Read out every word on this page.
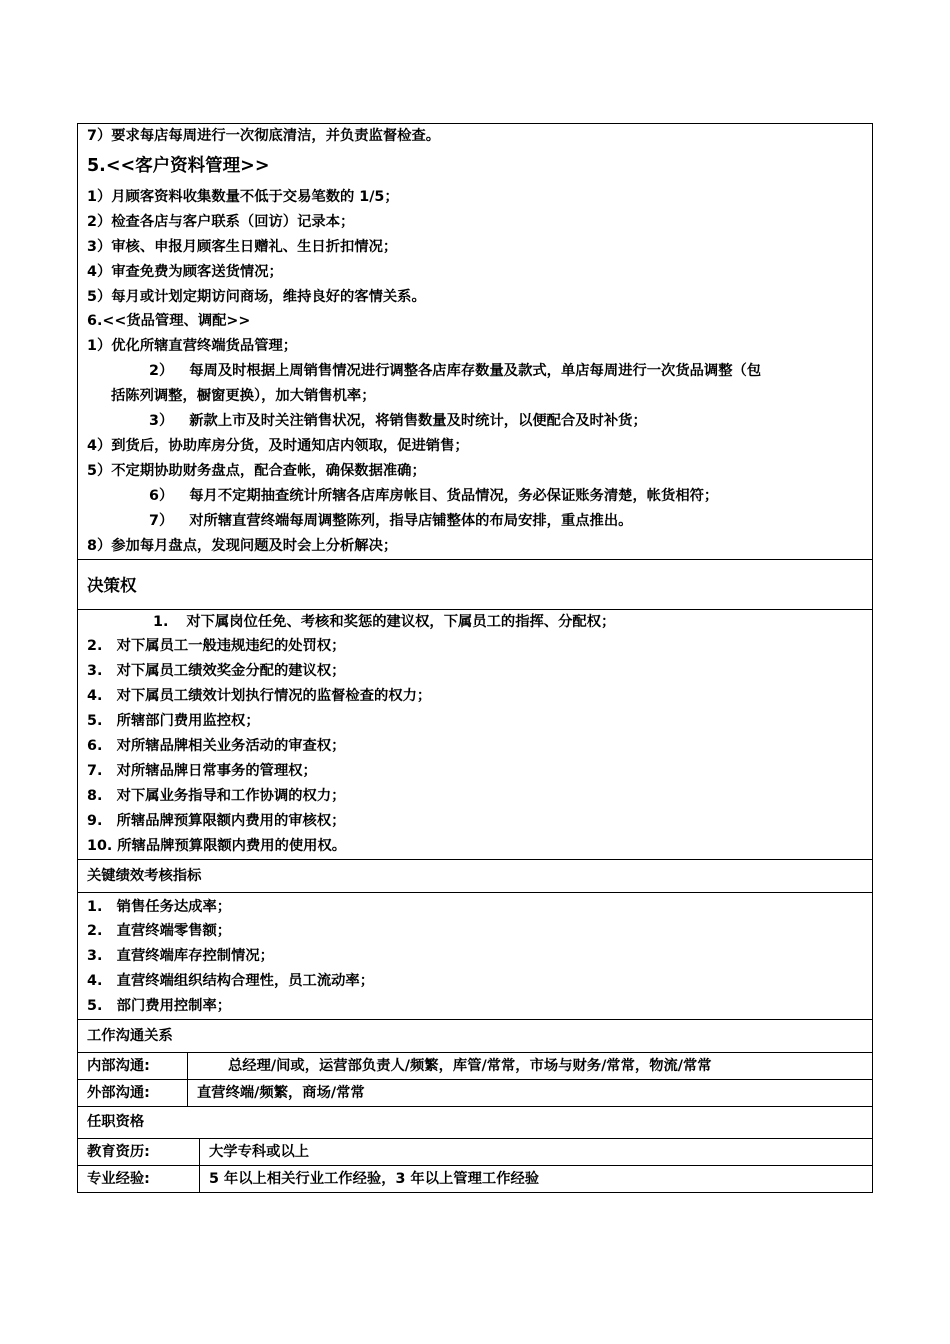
7）要求每店每周进行一次彻底清洁，并负责监督检查。
5.<<客户资料管理>>
1）月顾客资料收集数量不低于交易笔数的 1/5；
2）检查各店与客户联系（回访）记录本；
3）审核、申报月顾客生日赠礼、生日折扣情况；
4）审查免费为顾客送货情况；
5）每月或计划定期访问商场，维持良好的客情关系。
6.<<货品管理、调配>>
1）优化所辖直营终端货品管理；
2） 每周及时根据上周销售情况进行调整各店库存数量及款式，单店每周进行一次货品调整（包
括陈列调整，橱窗更换），加大销售机率；
3） 新款上市及时关注销售状况，将销售数量及时统计，以便配合及时补货；
4）到货后，协助库房分货，及时通知店内领取，促进销售；
5）不定期协助财务盘点，配合查帐，确保数据准确；
6） 每月不定期抽查统计所辖各店库房帐目、货品情况，务必保证账务清楚，帐货相符；
7） 对所辖直营终端每周调整陈列，指导店铺整体的布局安排，重点推出。
8）参加每月盘点，发现问题及时会上分析解决；
决策权
1. 对下属岗位任免、考核和奖惩的建议权，下属员工的指挥、分配权；
2.　对下属员工一般违规违纪的处罚权；
3.　对下属员工绩效奖金分配的建议权；
4.　对下属员工绩效计划执行情况的监督检查的权力；
5.　所辖部门费用监控权；
6.　对所辖品牌相关业务活动的审查权；
7.　对所辖品牌日常事务的管理权；
8.　对下属业务指导和工作协调的权力；
9.　所辖品牌预算限额内费用的审核权；
10. 所辖品牌预算限额内费用的使用权。
关键绩效考核指标
1.　销售任务达成率；
2.　直营终端零售额；
3.　直营终端库存控制情况；
4.　直营终端组织结构合理性，员工流动率；
5.　部门费用控制率；
工作沟通关系
内部沟通:	总经理/间或，运营部负责人/频繁，库管/常常，市场与财务/常常，物流/常常
外部沟通:	直营终端/频繁，商场/常常
任职资格
教育资历:	大学专科或以上
专业经验:	5 年以上相关行业工作经验，3 年以上管理工作经验
